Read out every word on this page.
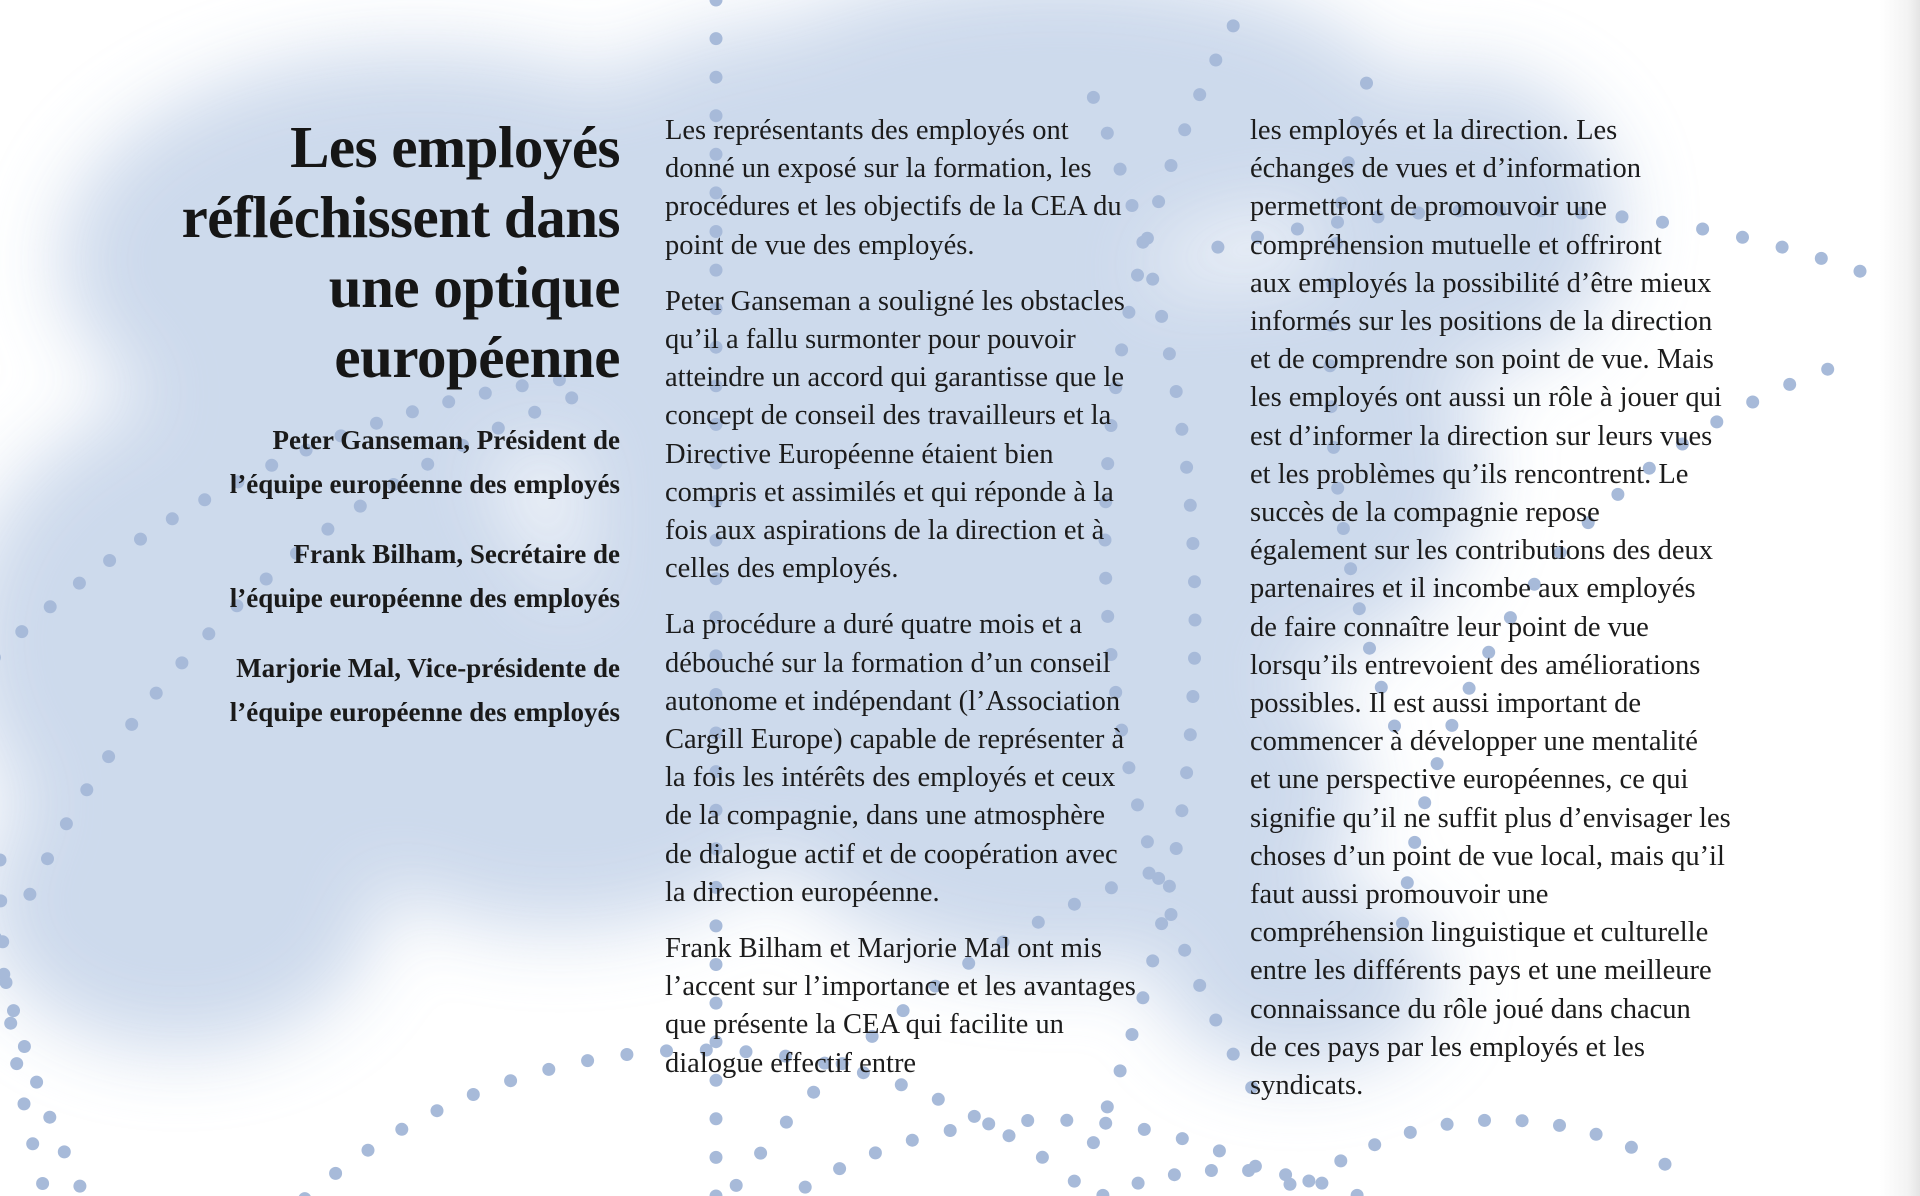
Les employés
réfléchissent dans
une optique
européenne

Peter Ganseman, Président de
l’équipe européenne des employés

Frank Bilham, Secrétaire de
l’équipe européenne des employés

Marjorie Mal, Vice-présidente de
l’équipe européenne des employés

Les représentants des employés ont
donné un exposé sur la formation, les
procédures et les objectifs de la CEA du
point de vue des employés.

Peter Ganseman a souligné les obstacles
qu’il a fallu surmonter pour pouvoir
atteindre un accord qui garantisse que le
concept de conseil des travailleurs et la
Directive Européenne étaient bien
compris et assimilés et qui réponde à la
fois aux aspirations de la direction et à
celles des employés.

La procédure a duré quatre mois et a
débouché sur la formation d’un conseil
autonome et indépendant (l’Association
Cargill Europe) capable de représenter à
la fois les intérêts des employés et ceux
de la compagnie, dans une atmosphère
de dialogue actif et de coopération avec
la direction européenne.

Frank Bilham et Marjorie Mal ont mis
l’accent sur l’importance et les avantages
que présente la CEA qui facilite un
dialogue effectif entre

les employés et la direction. Les
échanges de vues et d’information
permettront de promouvoir une
compréhension mutuelle et offriront
aux employés la possibilité d’être mieux
informés sur les positions de la direction
et de comprendre son point de vue. Mais
les employés ont aussi un rôle à jouer qui
est d’informer la direction sur leurs vues
et les problèmes qu’ils rencontrent. Le
succès de la compagnie repose
également sur les contributions des deux
partenaires et il incombe aux employés
de faire connaître leur point de vue
lorsqu’ils entrevoient des améliorations
possibles. Il est aussi important de
commencer à développer une mentalité
et une perspective européennes, ce qui
signifie qu’il ne suffit plus d’envisager les
choses d’un point de vue local, mais qu’il
faut aussi promouvoir une
compréhension linguistique et culturelle
entre les différents pays et une meilleure
connaissance du rôle joué dans chacun
de ces pays par les employés et les
syndicats.
